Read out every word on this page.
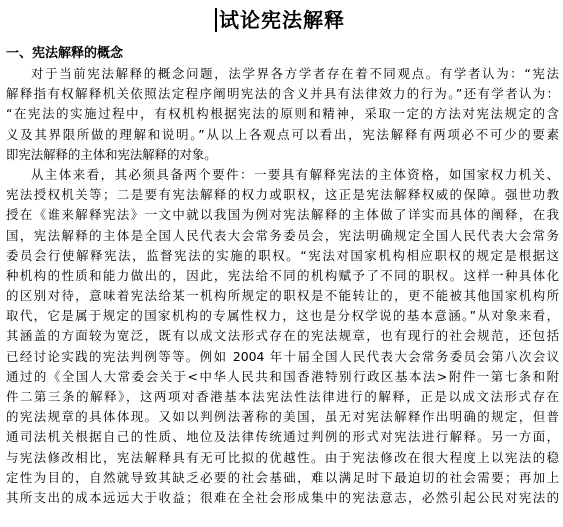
试论宪法解释
一、宪法解释的概念
对于当前宪法解释的概念问题，法学界各方学者存在着不同观点。有学者认为：“宪法
解释指有权解释机关依照法定程序阐明宪法的含义并具有法律效力的行为。”还有学者认为：
“在宪法的实施过程中，有权机构根据宪法的原则和精神，采取一定的方法对宪法规定的含
义及其界限所做的理解和说明。”从以上各观点可以看出，宪法解释有两项必不可少的要素
即宪法解释的主体和宪法解释的对象。
从主体来看，其必须具备两个要件：一要具有解释宪法的主体资格，如国家权力机关、
宪法授权机关等；二是要有宪法解释的权力或职权，这正是宪法解释权威的保障。强世功教
授在《谁来解释宪法》一文中就以我国为例对宪法解释的主体做了详实而具体的阐释，在我
国，宪法解释的主体是全国人民代表大会常务委员会，宪法明确规定全国人民代表大会常务
委员会行使解释宪法，监督宪法的实施的职权。“宪法对国家机构相应职权的规定是根据这
种机构的性质和能力做出的，因此，宪法给不同的机构赋予了不同的职权。这样一种具体化
的区别对待，意味着宪法给某一机构所规定的职权是不能转让的，更不能被其他国家机构所
取代，它是属于规定的国家机构的专属性权力，这也是分权学说的基本意涵。”从对象来看，
其涵盖的方面较为宽泛，既有以成文法形式存在的宪法规章，也有现行的社会规范，还包括
已经讨论实践的宪法判例等等。例如 2004 年十届全国人民代表大会常务委员会第八次会议
通过的《全国人大常委会关于<中华人民共和国香港特别行政区基本法>附件一第七条和附
件二第三条的解释》，这两项对香港基本法宪法性法律进行的解释，正是以成文法形式存在
的宪法规章的具体体现。又如以判例法著称的美国，虽无对宪法解释作出明确的规定，但普
通司法机关根据自己的性质、地位及法律传统通过判例的形式对宪法进行解释。另一方面，
与宪法修改相比，宪法解释具有无可比拟的优越性。由于宪法修改在很大程度上以宪法的稳
定性为目的，自然就导致其缺乏必要的社会基础，难以满足时下最迫切的社会需要；再加上
其所支出的成本远远大于收益；很难在全社会形成集中的宪法意志，必然引起公民对宪法的
